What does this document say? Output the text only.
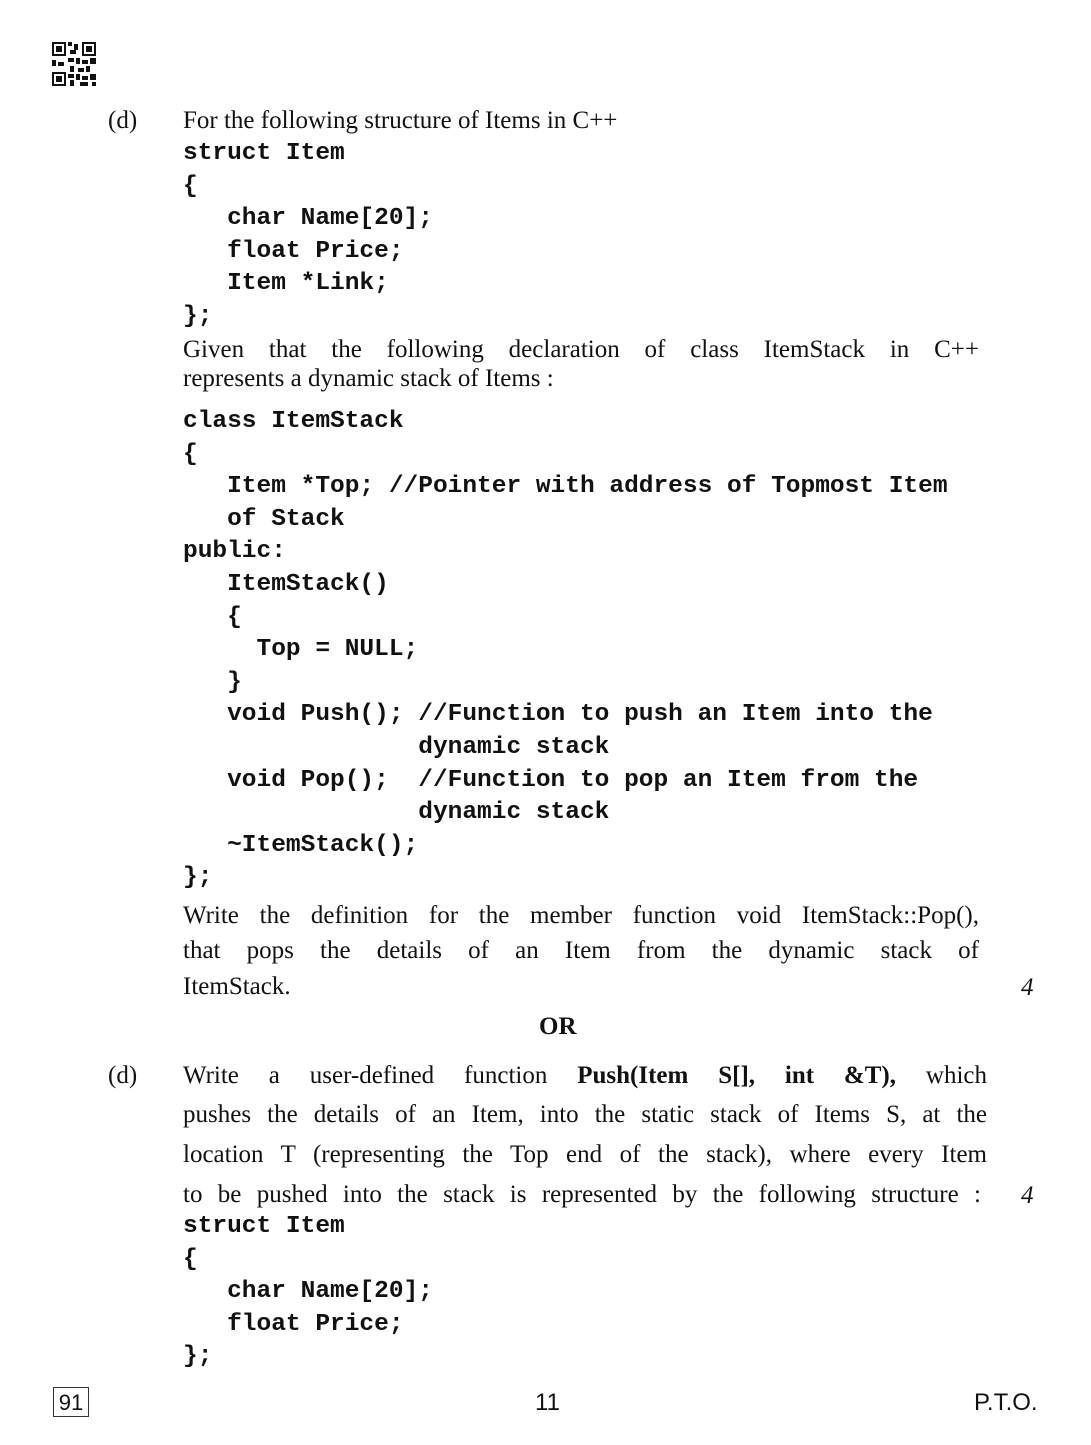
(d) For the following structure of Items in C++
struct Item
{
char Name[20];
float Price;
Item *Link;
};
Given that the following declaration of class ItemStack in C++
represents a dynamic stack of Items :
class ItemStack
{
Item *Top; //Pointer with address of Topmost Item
of Stack
public:
ItemStack()
{
Top = NULL;
}
void Push(); //Function to push an Item into the
dynamic stack
void Pop();  //Function to pop an Item from the
dynamic stack
~ItemStack();
};
Write the definition for the member function void ItemStack::Pop(),
that pops the details of an Item from the dynamic stack of
ItemStack.	4
OR
(d) Write a user-defined function Push(Item S[], int &T), which
pushes the details of an Item, into the static stack of Items S, at the
location T (representing the Top end of the stack), where every Item
to be pushed into the stack is represented by the following structure : 4
struct Item
{
char Name[20];
float Price;
};
91	11	P.T.O.
